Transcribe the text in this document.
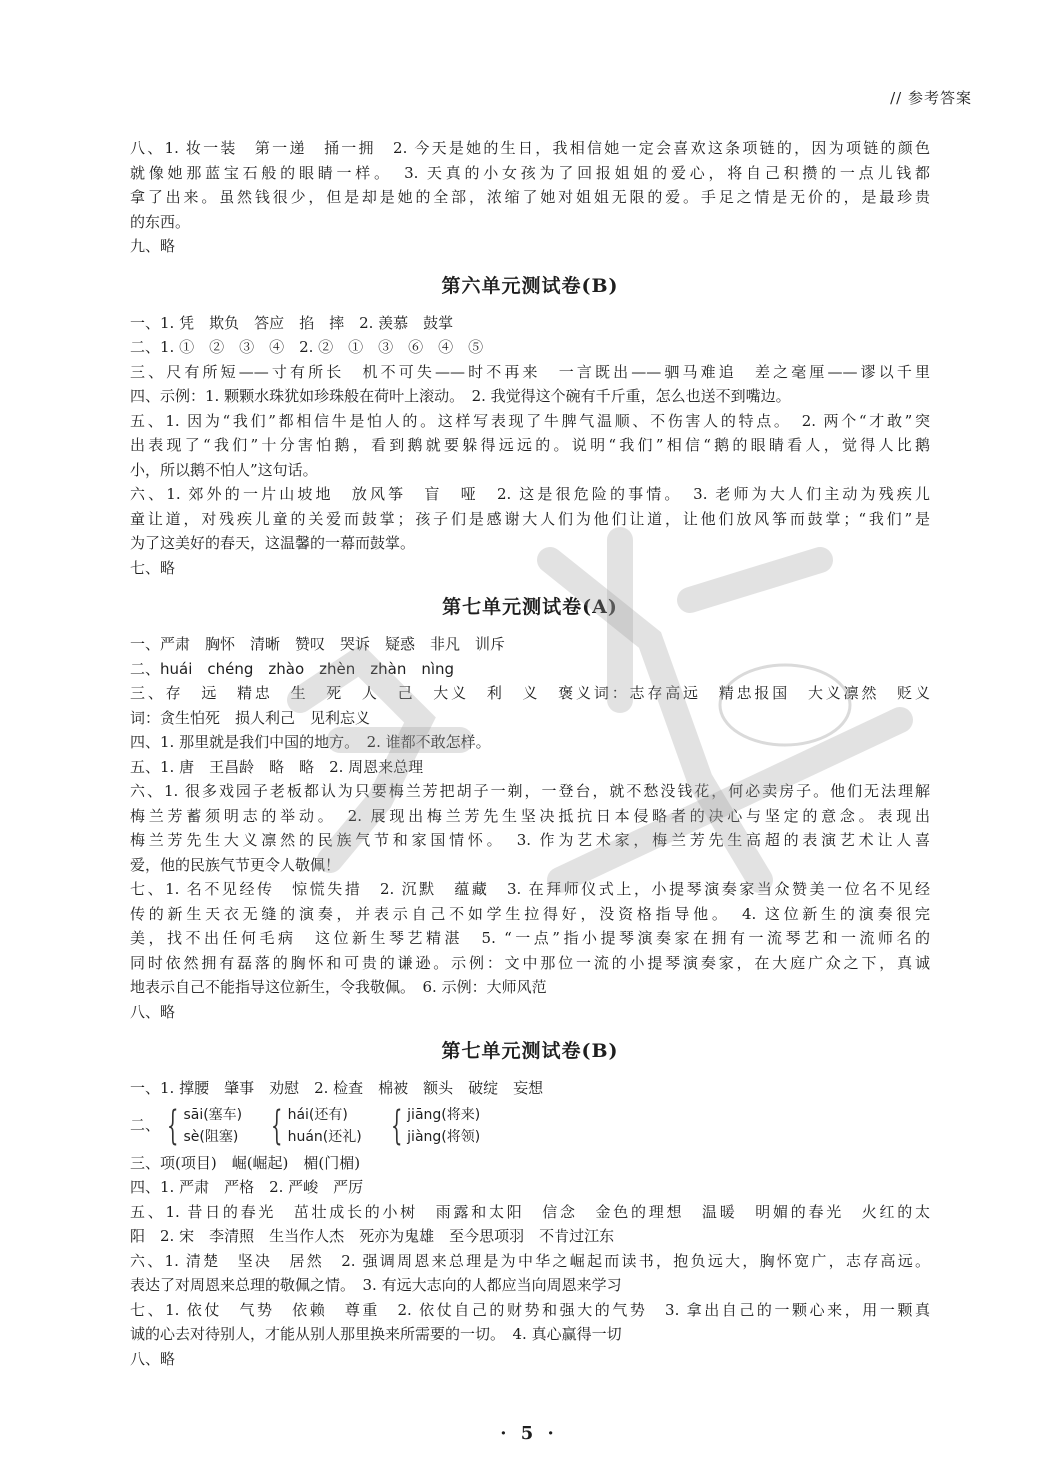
// 参考答案
八、1. 妆一装　第一递　捅一拥　2. 今天是她的生日，我相信她一定会喜欢这条项链的，因为项链的颜色
就像她那蓝宝石般的眼睛一样。　3. 天真的小女孩为了回报姐姐的爱心，将自己积攒的一点儿钱都
拿了出来。虽然钱很少，但是却是她的全部，浓缩了她对姐姐无限的爱。手足之情是无价的，是最珍贵
的东西。
九、略
第六单元测试卷(B)
一、1. 凭　欺负　答应　掐　摔　2. 羡慕　鼓掌
二、1. ①　②　③　④　2. ②　①　③　⑥　④　⑤
三、尺有所短——寸有所长　机不可失——时不再来　一言既出——驷马难追　差之毫厘——谬以千里
四、示例：1. 颗颗水珠犹如珍珠般在荷叶上滚动。　2. 我觉得这个碗有千斤重，怎么也送不到嘴边。
五、1. 因为“我们”都相信牛是怕人的。这样写表现了牛脾气温顺、不伤害人的特点。　2. 两个“才敢”突
出表现了“我们”十分害怕鹅，看到鹅就要躲得远远的。说明“我们”相信“鹅的眼睛看人，觉得人比鹅
小，所以鹅不怕人”这句话。
六、1. 郊外的一片山坡地　放风筝　盲　哑　2. 这是很危险的事情。　3. 老师为大人们主动为残疾儿
童让道，对残疾儿童的关爱而鼓掌；孩子们是感谢大人们为他们让道，让他们放风筝而鼓掌；“我们”是
为了这美好的春天，这温馨的一幕而鼓掌。
七、略
第七单元测试卷(A)
一、严肃　胸怀　清晰　赞叹　哭诉　疑惑　非凡　训斥
二、huái　chéng　zhào　zhèn　zhàn　nìng
三、存　远　精忠　生　死　人　己　大义　利　义　褒义词：志存高远　精忠报国　大义凛然　贬义
词：贪生怕死　损人利己　见利忘义
四、1. 那里就是我们中国的地方。　2. 谁都不敢怎样。
五、1. 唐　王昌龄　略　略　2. 周恩来总理
六、1. 很多戏园子老板都认为只要梅兰芳把胡子一剃，一登台，就不愁没钱花，何必卖房子。他们无法理解
梅兰芳蓄须明志的举动。　2. 展现出梅兰芳先生坚决抵抗日本侵略者的决心与坚定的意念。表现出
梅兰芳先生大义凛然的民族气节和家国情怀。　3. 作为艺术家，梅兰芳先生高超的表演艺术让人喜
爱，他的民族气节更令人敬佩！
七、1. 名不见经传　惊慌失措　2. 沉默　蕴藏　3. 在拜师仪式上，小提琴演奏家当众赞美一位名不见经
传的新生天衣无缝的演奏，并表示自己不如学生拉得好，没资格指导他。　4. 这位新生的演奏很完
美，找不出任何毛病　这位新生琴艺精湛　5. “一点”指小提琴演奏家在拥有一流琴艺和一流师名的
同时依然拥有磊落的胸怀和可贵的谦逊。示例：文中那位一流的小提琴演奏家，在大庭广众之下，真诚
地表示自己不能指导这位新生，令我敬佩。　6. 示例：大师风范
八、略
第七单元测试卷(B)
一、1. 撑腰　肇事　劝慰　2. 检查　棉被　额头　破绽　妄想
二、 { sāi(塞车)
sè(阻塞) { hái(还有)
huán(还礼) { jiāng(将来)
jiàng(将领)
三、项(项目)　崛(崛起)　楣(门楣)
四、1. 严肃　严格　2. 严峻　严厉
五、1. 昔日的春光　茁壮成长的小树　雨露和太阳　信念　金色的理想　温暖　明媚的春光　火红的太
阳　2. 宋　李清照　生当作人杰　死亦为鬼雄　至今思项羽　不肯过江东
六、1. 清楚　坚决　居然　2. 强调周恩来总理是为中华之崛起而读书，抱负远大，胸怀宽广，志存高远。
表达了对周恩来总理的敬佩之情。　3. 有远大志向的人都应当向周恩来学习
七、1. 依仗　气势　依赖　尊重　2. 依仗自己的财势和强大的气势　3. 拿出自己的一颗心来，用一颗真
诚的心去对待别人，才能从别人那里换来所需要的一切。　4. 真心赢得一切
八、略
· 5 ·
